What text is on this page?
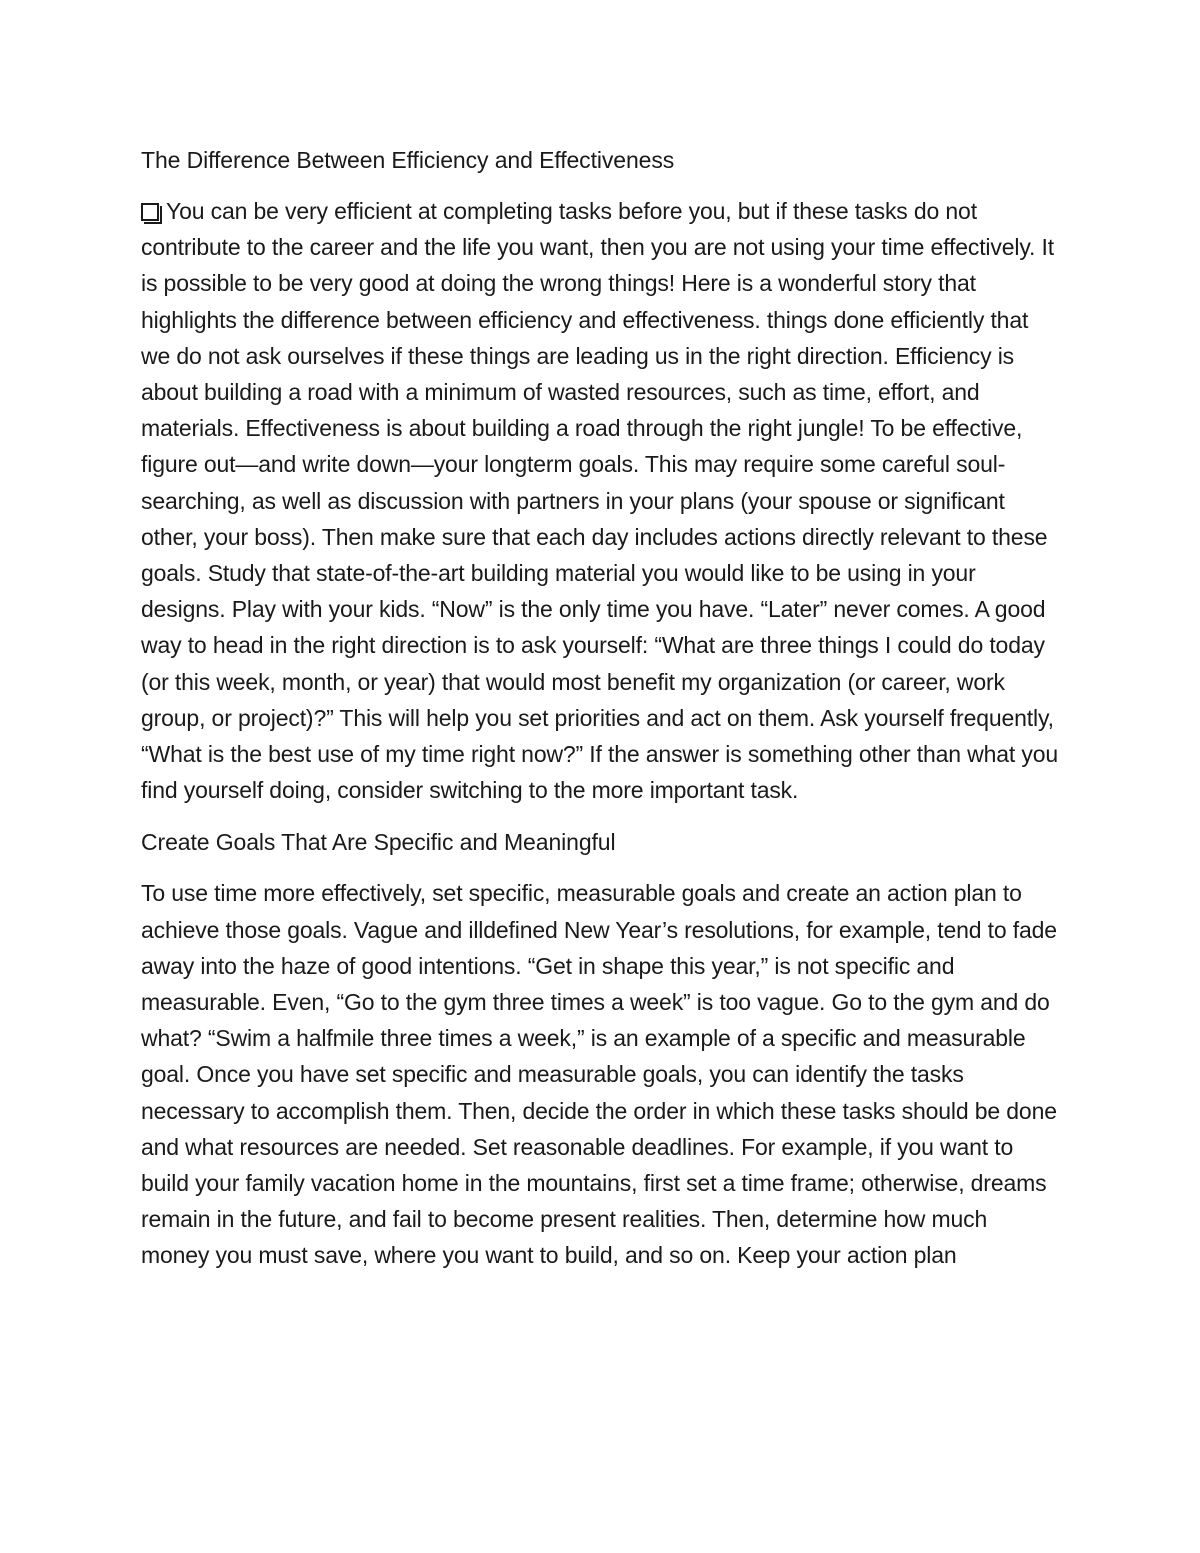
The Difference Between Efficiency and Effectiveness

You can be very efficient at completing tasks before you, but if these tasks do not contribute to the career and the life you want, then you are not using your time effectively. It is possible to be very good at doing the wrong things! Here is a wonderful story that highlights the difference between efficiency and effectiveness. things done efficiently that we do not ask ourselves if these things are leading us in the right direction. Efficiency is about building a road with a minimum of wasted resources, such as time, effort, and materials. Effectiveness is about building a road through the right jungle! To be effective, figure out—and write down—your longterm goals. This may require some careful soul-searching, as well as discussion with partners in your plans (your spouse or significant other, your boss). Then make sure that each day includes actions directly relevant to these goals. Study that state-of-the-art building material you would like to be using in your designs. Play with your kids. “Now” is the only time you have. “Later” never comes. A good way to head in the right direction is to ask yourself: “What are three things I could do today (or this week, month, or year) that would most benefit my organization (or career, work group, or project)?” This will help you set priorities and act on them. Ask yourself frequently, “What is the best use of my time right now?” If the answer is something other than what you find yourself doing, consider switching to the more important task.

Create Goals That Are Specific and Meaningful

To use time more effectively, set specific, measurable goals and create an action plan to achieve those goals. Vague and illdefined New Year’s resolutions, for example, tend to fade away into the haze of good intentions. “Get in shape this year,” is not specific and measurable. Even, “Go to the gym three times a week” is too vague. Go to the gym and do what? “Swim a halfmile three times a week,” is an example of a specific and measurable goal. Once you have set specific and measurable goals, you can identify the tasks necessary to accomplish them. Then, decide the order in which these tasks should be done and what resources are needed. Set reasonable deadlines. For example, if you want to build your family vacation home in the mountains, first set a time frame; otherwise, dreams remain in the future, and fail to become present realities. Then, determine how much money you must save, where you want to build, and so on. Keep your action plan
